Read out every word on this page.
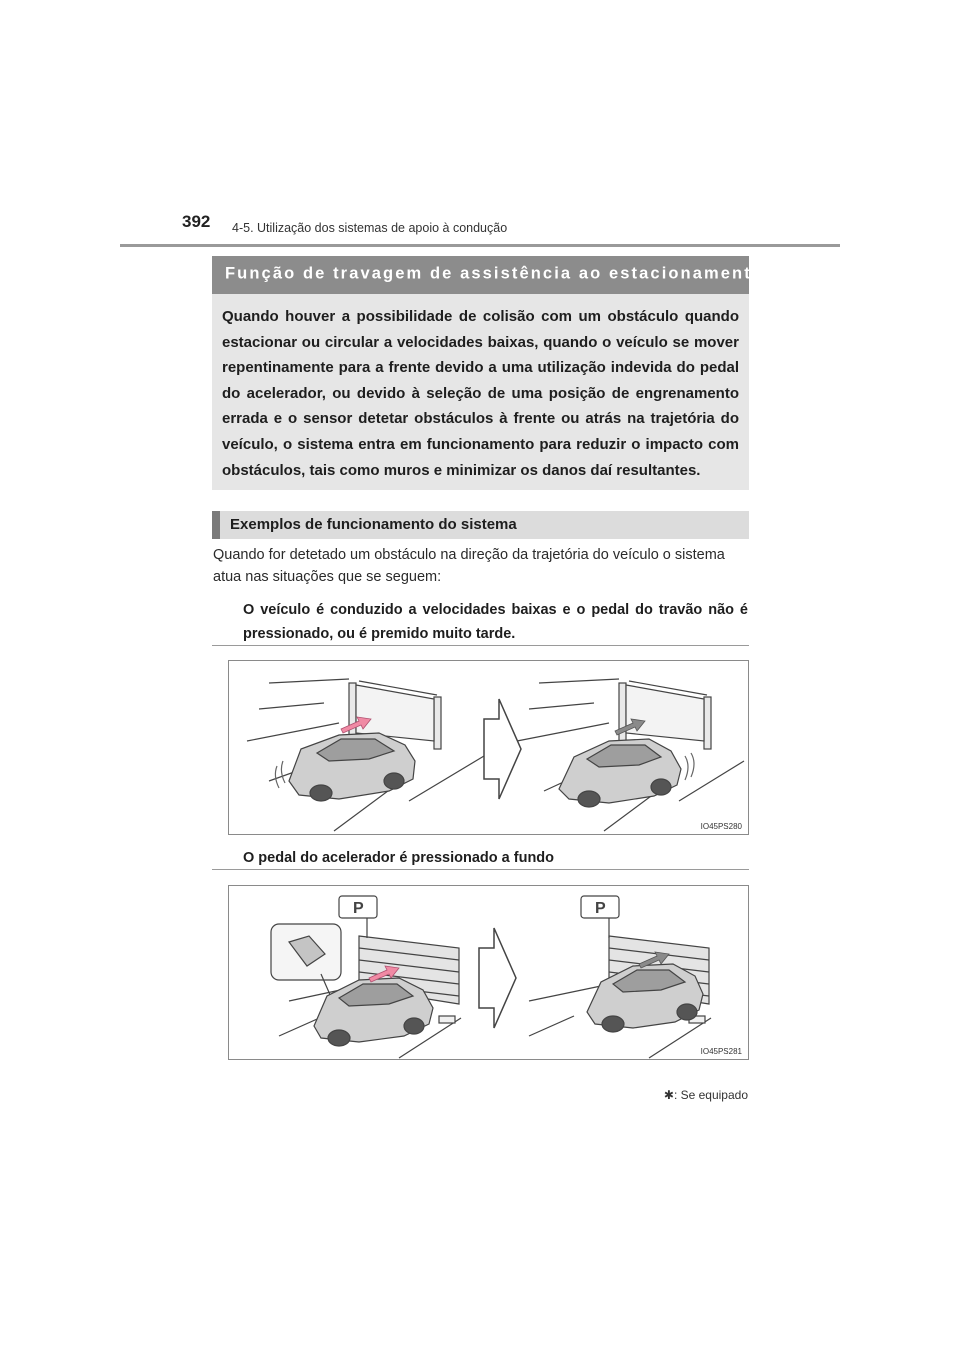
392 4-5. Utilização dos sistemas de apoio à condução
Função de travagem de assistência ao estacionamento*
Quando houver a possibilidade de colisão com um obstáculo quando estacionar ou circular a velocidades baixas, quando o veículo se mover repentinamente para a frente devido a uma utilização indevida do pedal do acelerador, ou devido à seleção de uma posição de engrenamento errada e o sensor detetar obstáculos à frente ou atrás na trajetória do veículo, o sistema entra em funcionamento para reduzir o impacto com obstáculos, tais como muros e minimizar os danos daí resultantes.
Exemplos de funcionamento do sistema
Quando for detetado um obstáculo na direção da trajetória do veículo o sistema atua nas situações que se seguem:
O veículo é conduzido a velocidades baixas e o pedal do travão não é pressionado, ou é premido muito tarde.
IO45PS280
O pedal do acelerador é pressionado a fundo
P	P
IO45PS281
✱: Se equipado
